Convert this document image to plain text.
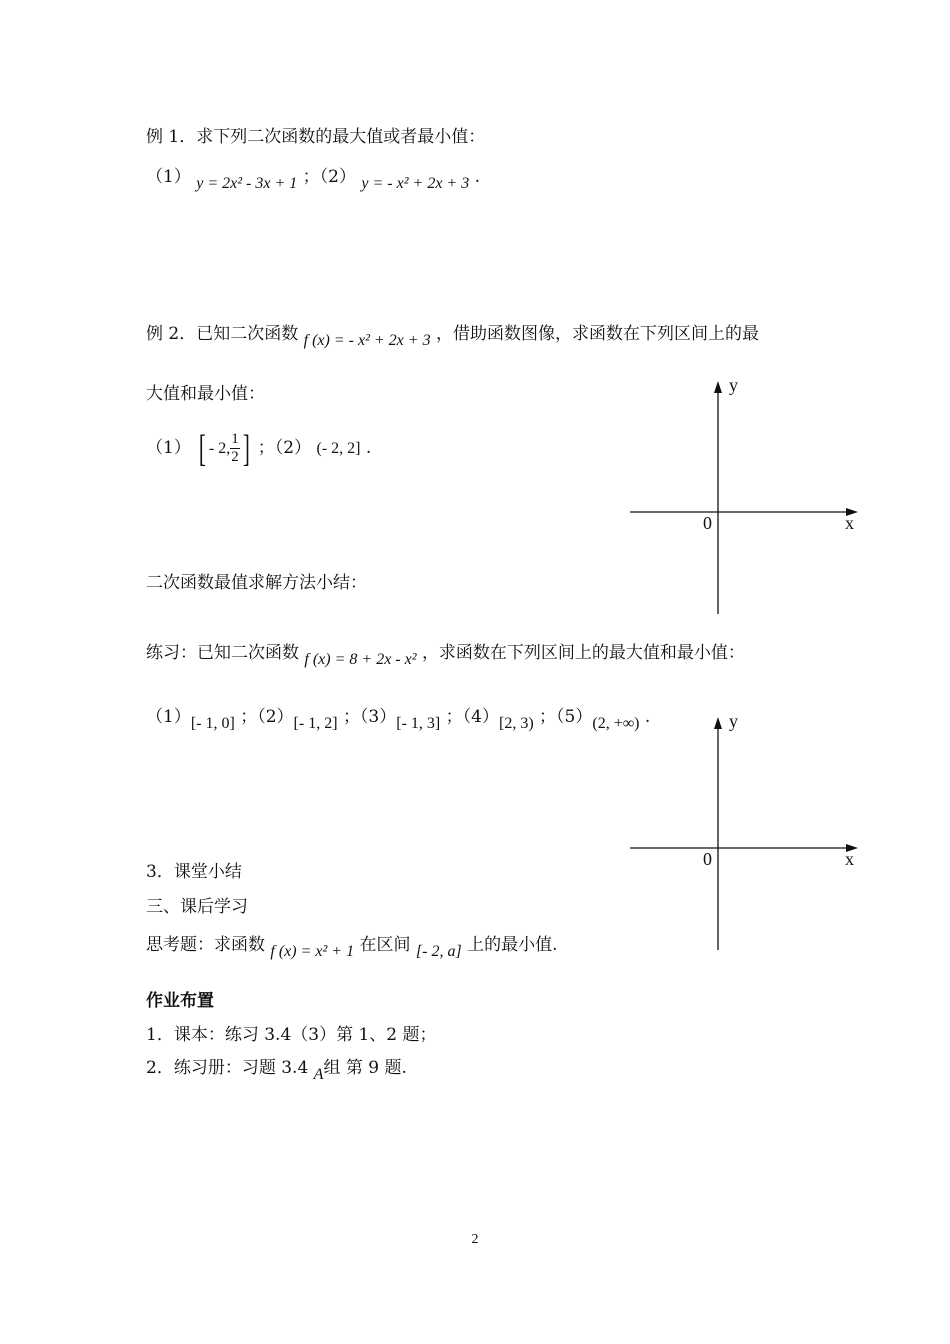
例 1．求下列二次函数的最大值或者最小值：
（1） y = 2x² - 3x + 1 ；（2） y = - x² + 2x + 3 .
例 2．已知二次函数 f (x) = - x² + 2x + 3 ，借助函数图像，求函数在下列区间上的最
大值和最小值：
（1） [ - 2, $\frac{1}{2}$ ] ；（2） (- 2, 2] .
y
x
0
二次函数最值求解方法小结：
练习：已知二次函数 f (x) = 8 + 2x - x² ，求函数在下列区间上的最大值和最小值：
（1）[- 1, 0] ；（2）[- 1, 2] ；（3）[- 1, 3] ；（4）[2, 3) ；（5）(2, +∞) .	y
x
0
3．课堂小结
三、课后学习
思考题：求函数 f (x) = x² + 1 在区间 [- 2, a] 上的最小值.
作业布置
1．课本：练习 3.4（3）第 1、2 题；
2．练习册：习题 3.4 A组 第 9 题.
2
